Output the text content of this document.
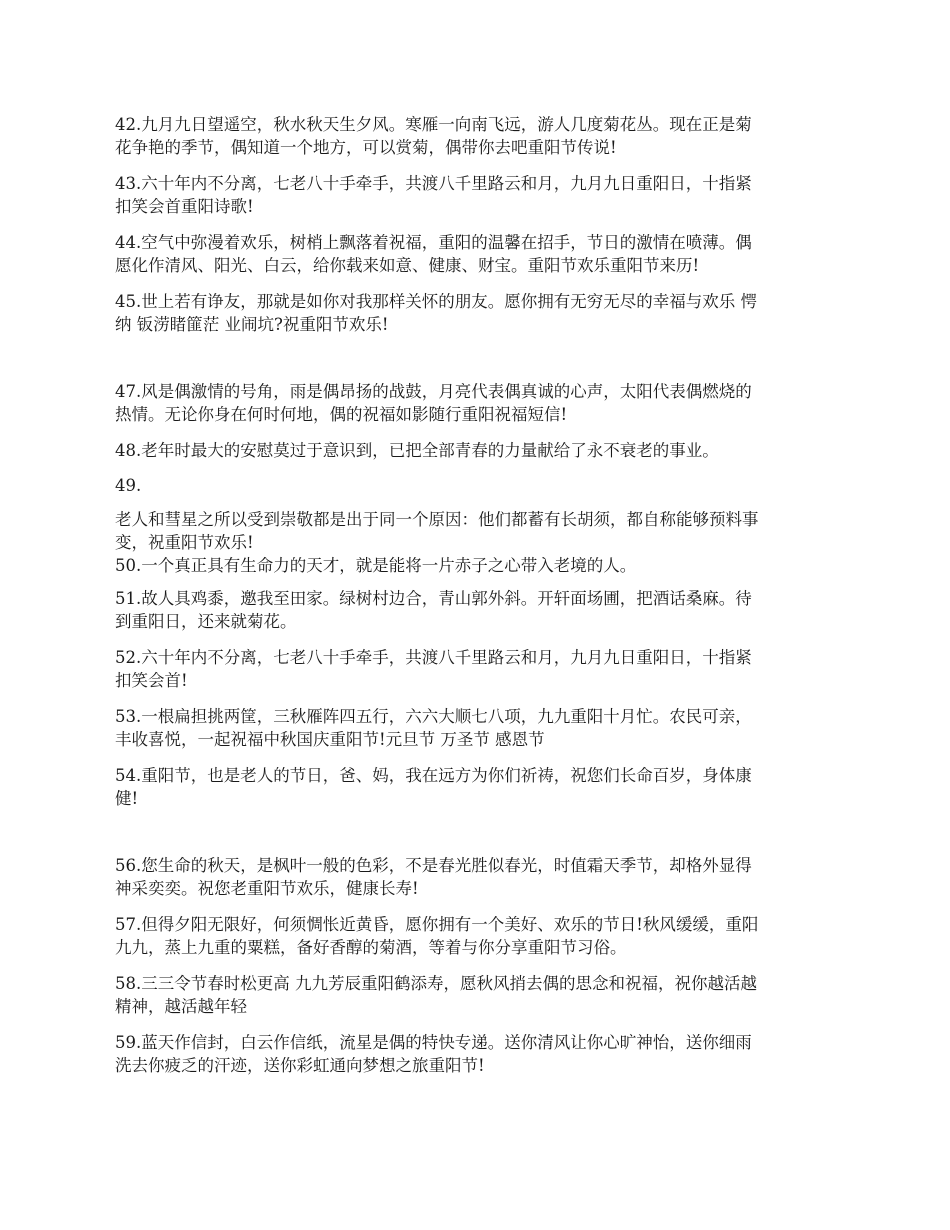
42.九月九日望遥空，秋水秋天生夕风。寒雁一向南飞远，游人几度菊花丛。现在正是菊
花争艳的季节，偶知道一个地方，可以赏菊，偶带你去吧重阳节传说!
43.六十年内不分离，七老八十手牵手，共渡八千里路云和月，九月九日重阳日，十指紧
扣笑会首重阳诗歌!
44.空气中弥漫着欢乐，树梢上飘落着祝福，重阳的温馨在招手，节日的激情在喷薄。偶
愿化作清风、阳光、白云，给你载来如意、健康、财宝。重阳节欢乐重阳节来历!
45.世上若有诤友，那就是如你对我那样关怀的朋友。愿你拥有无穷无尽的幸福与欢乐 愕
纳 钣涝睹篚茫 业闹坑?祝重阳节欢乐!
47.风是偶激情的号角，雨是偶昂扬的战鼓，月亮代表偶真诚的心声，太阳代表偶燃烧的
热情。无论你身在何时何地，偶的祝福如影随行重阳祝福短信!
48.老年时最大的安慰莫过于意识到，已把全部青春的力量献给了永不衰老的事业。
49.
老人和彗星之所以受到崇敬都是出于同一个原因：他们都蓄有长胡须，都自称能够预料事
变，祝重阳节欢乐!
50.一个真正具有生命力的天才，就是能将一片赤子之心带入老境的人。
51.故人具鸡黍，邀我至田家。绿树村边合，青山郭外斜。开轩面场圃，把酒话桑麻。待
到重阳日，还来就菊花。
52.六十年内不分离，七老八十手牵手，共渡八千里路云和月，九月九日重阳日，十指紧
扣笑会首!
53.一根扁担挑两筐，三秋雁阵四五行，六六大顺七八项，九九重阳十月忙。农民可亲，
丰收喜悦，一起祝福中秋国庆重阳节!元旦节 万圣节 感恩节
54.重阳节，也是老人的节日，爸、妈，我在远方为你们祈祷，祝您们长命百岁，身体康
健!
56.您生命的秋天，是枫叶一般的色彩，不是春光胜似春光，时值霜天季节，却格外显得
神采奕奕。祝您老重阳节欢乐，健康长寿!
57.但得夕阳无限好，何须惆怅近黄昏，愿你拥有一个美好、欢乐的节日!秋风缓缓，重阳
九九，蒸上九重的粟糕，备好香醇的菊酒，等着与你分享重阳节习俗。
58.三三令节春时松更高 九九芳辰重阳鹤添寿，愿秋风捎去偶的思念和祝福，祝你越活越
精神，越活越年轻
59.蓝天作信封，白云作信纸，流星是偶的特快专递。送你清风让你心旷神怡，送你细雨
洗去你疲乏的汗迹，送你彩虹通向梦想之旅重阳节!
